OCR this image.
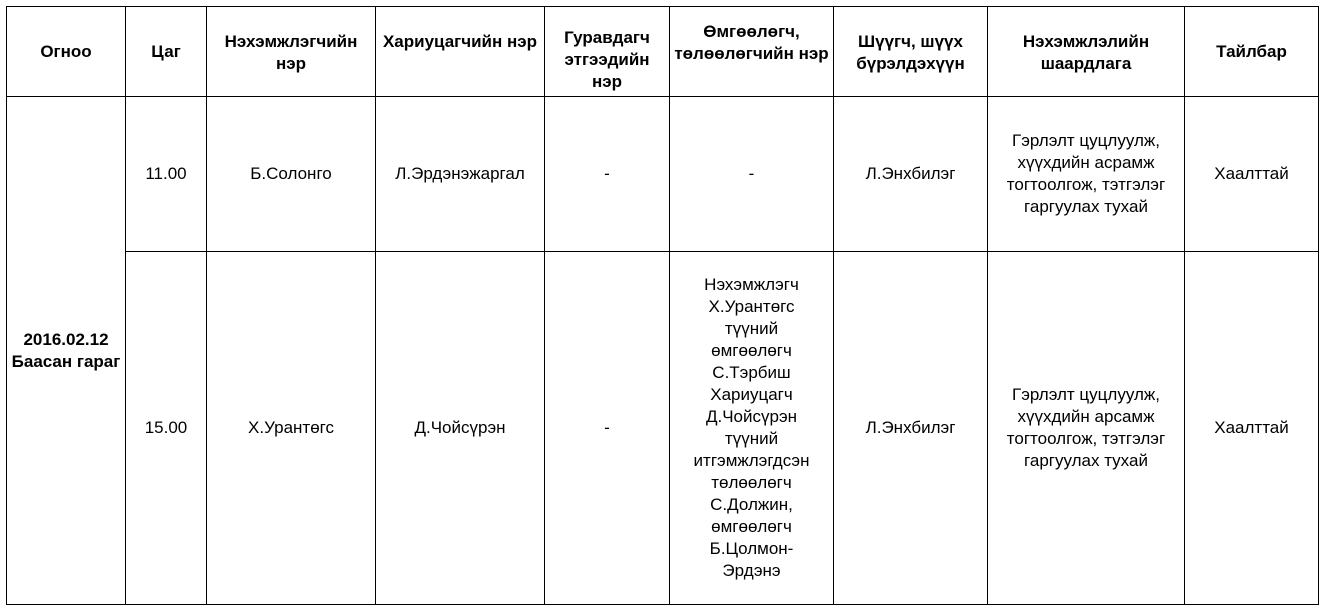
Огноо	Цаг	Нэхэмжлэгчийн нэр	Хариуцагчийн нэр	Гуравдагч этгээдийн нэр	Өмгөөлөгч, төлөөлөгчийн нэр	Шүүгч, шүүх бүрэлдэхүүн	Нэхэмжлэлийн шаардлага	Тайлбар
2016.02.12 Баасан гараг	11.00	Б.Солонго	Л.Эрдэнэжаргал	-	-	Л.Энхбилэг	Гэрлэлт цуцлуулж, хүүхдийн асрамж тогтоолгож, тэтгэлэг гаргуулах тухай	Хаалттай
	15.00	Х.Урантөгс	Д.Чойсүрэн	-	Нэхэмжлэгч Х.Урантөгс түүний өмгөөлөгч С.Тэрбиш Хариуцагч Д.Чойсүрэн түүний итгэмжлэгдсэн төлөөлөгч С.Должин, өмгөөлөгч Б.Цолмон-Эрдэнэ	Л.Энхбилэг	Гэрлэлт цуцлуулж, хүүхдийн арсамж тогтоолгож, тэтгэлэг гаргуулах тухай	Хаалттай
